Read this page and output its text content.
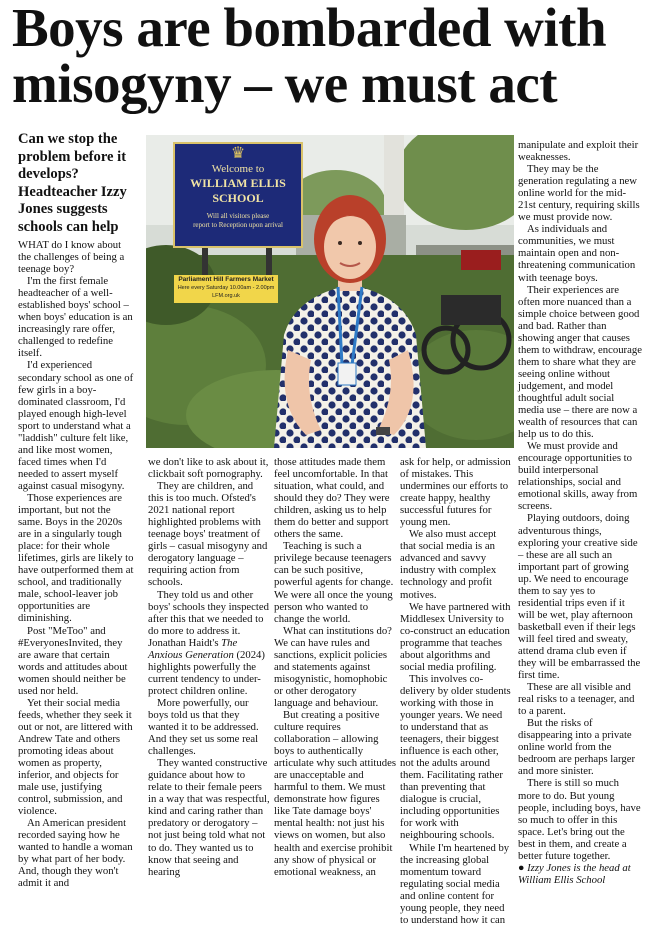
Boys are bombarded with misogyny – we must act
Can we stop the problem before it develops? Headteacher Izzy Jones suggests schools can help
♛
Welcome to
WILLIAM ELLIS
SCHOOL
Will all visitors please
report to Reception upon arrival
Parliament Hill Farmers Market
Here every Saturday 10.00am - 2.00pm
LFM.org.uk

WHAT do I know about the challenges of being a teenage boy?

I'm the first female headteacher of a well-established boys' school – when boys' education is an increasingly rare offer, challenged to redefine itself.

I'd experienced secondary school as one of few girls in a boy-dominated classroom, I'd played enough high-level sport to understand what a "laddish" culture felt like, and like most women, faced times when I'd needed to assert myself against casual misogyny.

Those experiences are important, but not the same. Boys in the 2020s are in a singularly tough place: for their whole lifetimes, girls are likely to have outperformed them at school, and traditionally male, school-leaver job opportunities are diminishing.

Post "MeToo" and #EveryonesInvited, they are aware that certain words and attitudes about women should neither be used nor held.

Yet their social media feeds, whether they seek it out or not, are littered with Andrew Tate and others promoting ideas about women as property, inferior, and objects for male use, justifying control, submission, and violence.

An American president recorded saying how he wanted to handle a woman by what part of her body. And, though they won't admit it and

we don't like to ask about it, clickbait soft pornography.

They are children, and this is too much. Ofsted's 2021 national report highlighted problems with teenage boys' treatment of girls – casual misogyny and derogatory language – requiring action from schools.

They told us and other boys' schools they inspected after this that we needed to do more to address it. Jonathan Haidt's The Anxious Generation (2024) highlights powerfully the current tendency to under-protect children online.

More powerfully, our boys told us that they wanted it to be addressed. And they set us some real challenges.

They wanted constructive guidance about how to relate to their female peers in a way that was respectful, kind and caring rather than predatory or derogatory – not just being told what not to do. They wanted us to know that seeing and hearing

those attitudes made them feel uncomfortable. In that situation, what could, and should they do? They were children, asking us to help them do better and support others the same.

Teaching is such a privilege because teenagers can be such positive, powerful agents for change. We were all once the young person who wanted to change the world.

What can institutions do? We can have rules and sanctions, explicit policies and statements against misogynistic, homophobic or other derogatory language and behaviour.

But creating a positive culture requires collaboration – allowing boys to authentically articulate why such attitudes are unacceptable and harmful to them. We must demonstrate how figures like Tate damage boys' mental health: not just his views on women, but also health and exercise prohibit any show of physical or emotional weakness, an

ask for help, or admission of mistakes. This undermines our efforts to create happy, healthy successful futures for young men.

We also must accept that social media is an advanced and savvy industry with complex technology and profit motives.

We have partnered with Middlesex University to co-construct an education programme that teaches about algorithms and social media profiling.

This involves co-delivery by older students working with those in younger years. We need to understand that as teenagers, their biggest influence is each other, not the adults around them. Facilitating rather than preventing that dialogue is crucial, including opportunities for work with neighbouring schools.

While I'm heartened by the increasing global momentum toward regulating social media and online content for young people, they need to understand how it can

manipulate and exploit their weaknesses.

They may be the generation regulating a new online world for the mid-21st century, requiring skills we must provide now.

As individuals and communities, we must maintain open and non-threatening communication with teenage boys.

Their experiences are often more nuanced than a simple choice between good and bad. Rather than showing anger that causes them to withdraw, encourage them to share what they are seeing online without judgement, and model thoughtful adult social media use – there are now a wealth of resources that can help us to do this.

We must provide and encourage opportunities to build interpersonal relationships, social and emotional skills, away from screens.

Playing outdoors, doing adventurous things, exploring your creative side – these are all such an important part of growing up. We need to encourage them to say yes to residential trips even if it will be wet, play afternoon basketball even if their legs will feel tired and sweaty, attend drama club even if they will be embarrassed the first time.

These are all visible and real risks to a teenager, and to a parent.

But the risks of disappearing into a private online world from the bedroom are perhaps larger and more sinister.

There is still so much more to do. But young people, including boys, have so much to offer in this space. Let's bring out the best in them, and create a better future together.

● Izzy Jones is the head at William Ellis School
